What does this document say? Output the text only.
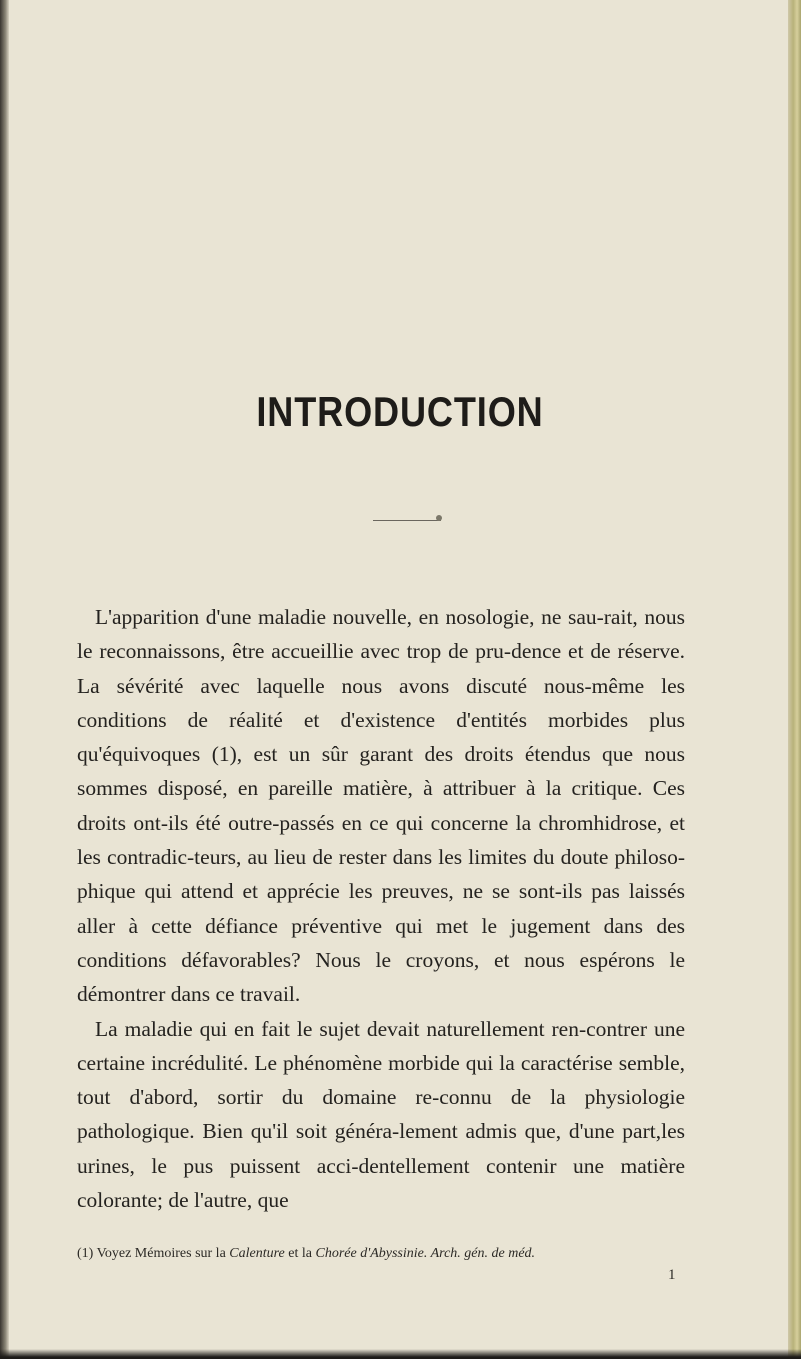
INTRODUCTION

L'apparition d'une maladie nouvelle, en nosologie, ne sau-rait, nous le reconnaissons, être accueillie avec trop de pru-dence et de réserve. La sévérité avec laquelle nous avons discuté nous-même les conditions de réalité et d'existence d'entités morbides plus qu'équivoques (1), est un sûr garant des droits étendus que nous sommes disposé, en pareille matière, à attribuer à la critique. Ces droits ont-ils été outre-passés en ce qui concerne la chromhidrose, et les contradic-teurs, au lieu de rester dans les limites du doute philoso-phique qui attend et apprécie les preuves, ne se sont-ils pas laissés aller à cette défiance préventive qui met le jugement dans des conditions défavorables? Nous le croyons, et nous espérons le démontrer dans ce travail.

La maladie qui en fait le sujet devait naturellement ren-contrer une certaine incrédulité. Le phénomène morbide qui la caractérise semble, tout d'abord, sortir du domaine re-connu de la physiologie pathologique. Bien qu'il soit généra-lement admis que, d'une part,les urines, le pus puissent acci-dentellement contenir une matière colorante; de l'autre, que

(1) Voyez Mémoires sur la Calenture et la Chorée d'Abyssinie. Arch. gén. de méd.
1
